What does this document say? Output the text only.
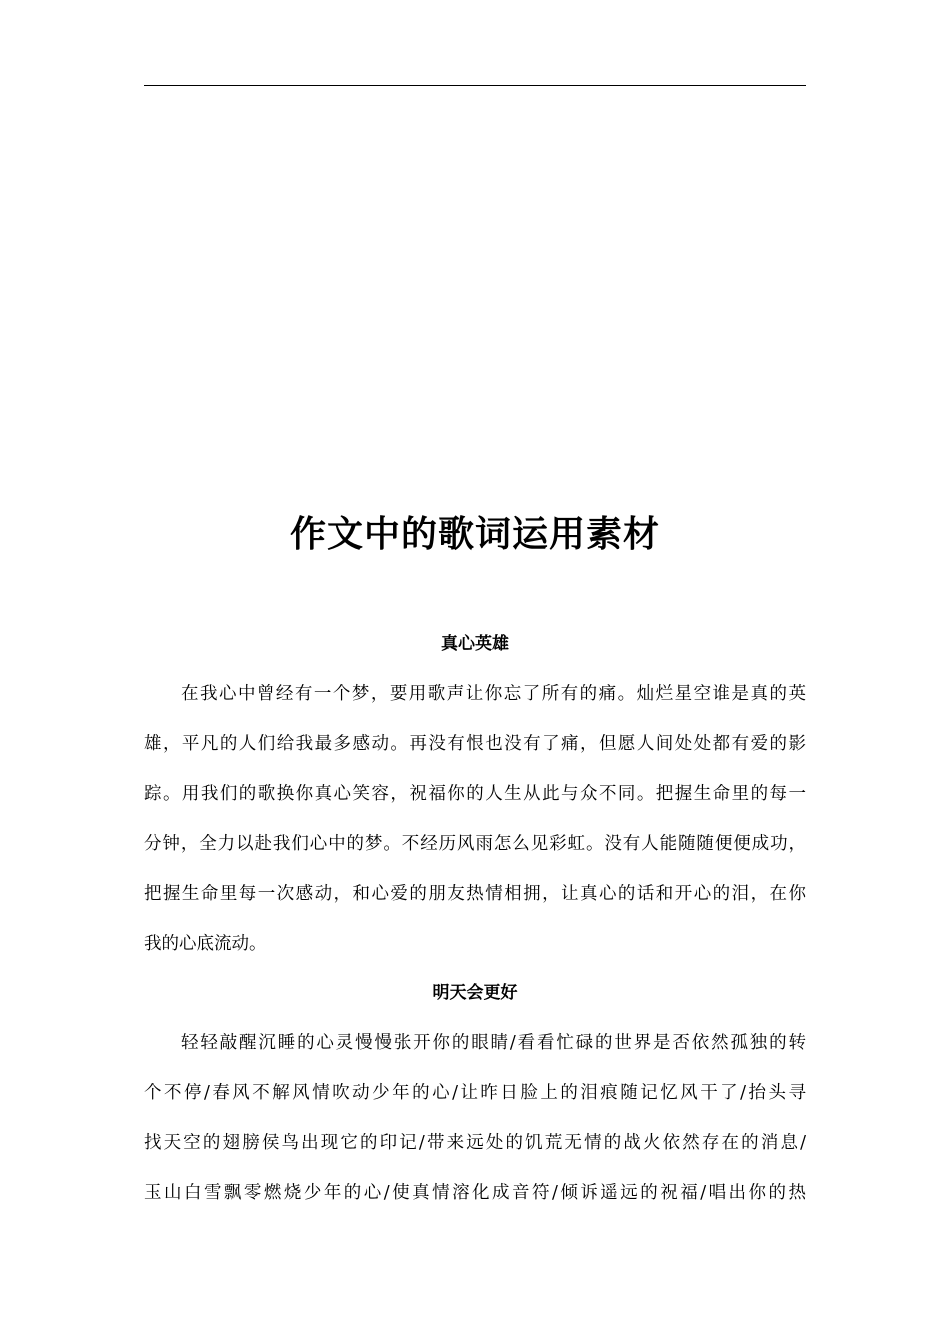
作文中的歌词运用素材
真心英雄
在我心中曾经有一个梦，要用歌声让你忘了所有的痛。灿烂星空谁是真的英
雄，平凡的人们给我最多感动。再没有恨也没有了痛，但愿人间处处都有爱的影
踪。用我们的歌换你真心笑容，祝福你的人生从此与众不同。把握生命里的每一
分钟，全力以赴我们心中的梦。不经历风雨怎么见彩虹。没有人能随随便便成功，
把握生命里每一次感动，和心爱的朋友热情相拥，让真心的话和开心的泪，在你
我的心底流动。
明天会更好
轻轻敲醒沉睡的心灵慢慢张开你的眼睛/看看忙碌的世界是否依然孤独的转
个不停/春风不解风情吹动少年的心/让昨日脸上的泪痕随记忆风干了/抬头寻
找天空的翅膀侯鸟出现它的印记/带来远处的饥荒无情的战火依然存在的消息/
玉山白雪飘零燃烧少年的心/使真情溶化成音符/倾诉遥远的祝福/唱出你的热
